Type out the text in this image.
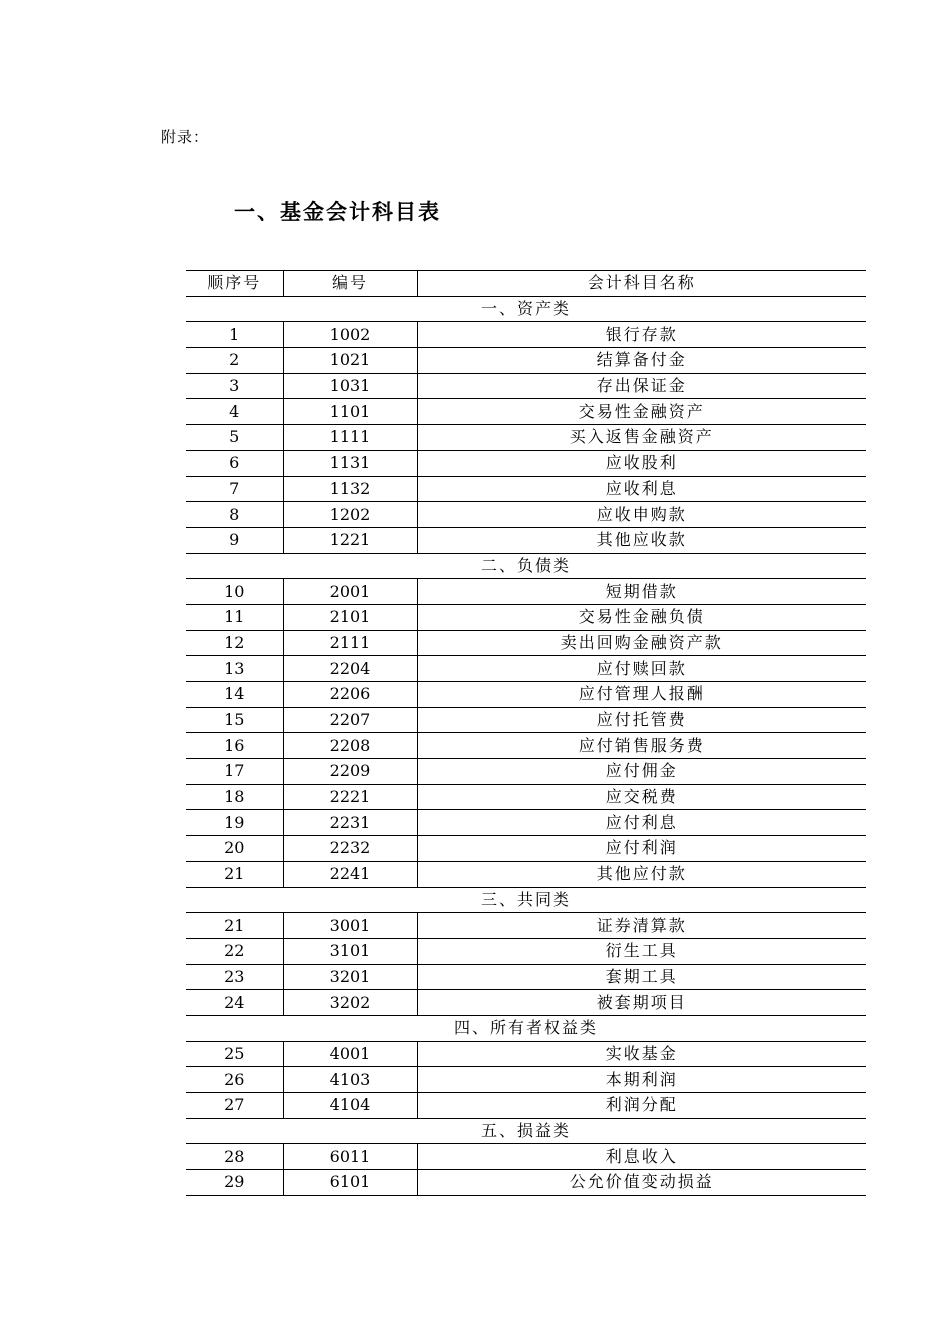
附录：
一、基金会计科目表
顺序号	编号	会计科目名称
一、资产类		
1	1002	银行存款
2	1021	结算备付金
3	1031	存出保证金
4	1101	交易性金融资产
5	1111	买入返售金融资产
6	1131	应收股利
7	1132	应收利息
8	1202	应收申购款
9	1221	其他应收款
二、负债类		
10	2001	短期借款
11	2101	交易性金融负债
12	2111	卖出回购金融资产款
13	2204	应付赎回款
14	2206	应付管理人报酬
15	2207	应付托管费
16	2208	应付销售服务费
17	2209	应付佣金
18	2221	应交税费
19	2231	应付利息
20	2232	应付利润
21	2241	其他应付款
三、共同类		
21	3001	证券清算款
22	3101	衍生工具
23	3201	套期工具
24	3202	被套期项目
四、所有者权益类		
25	4001	实收基金
26	4103	本期利润
27	4104	利润分配
五、损益类		
28	6011	利息收入
29	6101	公允价值变动损益
